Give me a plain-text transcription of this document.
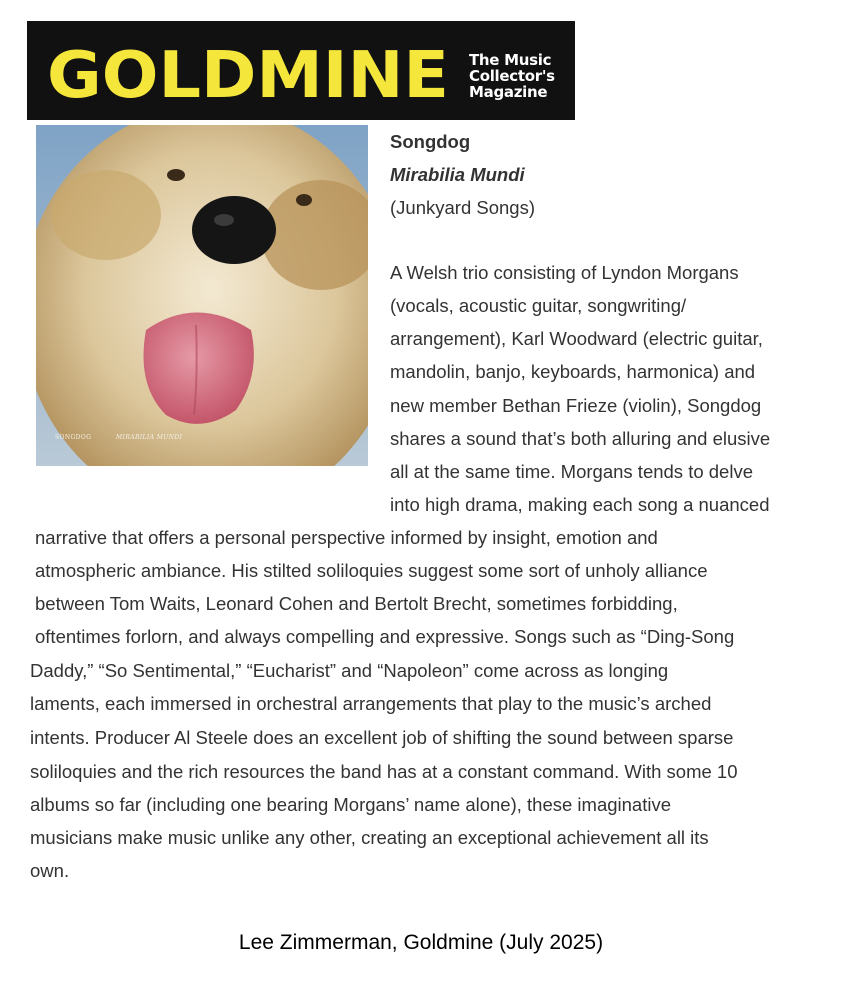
GOLDMINE The Music
Collector's
Magazine
SONGDOG	MIRABILIA MUNDI
Songdog
Mirabilia Mundi
(Junkyard Songs)
A Welsh trio consisting of Lyndon Morgans
(vocals, acoustic guitar, songwriting/
arrangement), Karl Woodward (electric guitar,
mandolin, banjo, keyboards, harmonica) and
new member Bethan Frieze (violin), Songdog
shares a sound that’s both alluring and elusive
all at the same time. Morgans tends to delve
into high drama, making each song a nuanced
narrative that offers a personal perspective informed by insight, emotion and
atmospheric ambiance. His stilted soliloquies suggest some sort of unholy alliance
between Tom Waits, Leonard Cohen and Bertolt Brecht, sometimes forbidding,
oftentimes forlorn, and always compelling and expressive. Songs such as “Ding-Song
Daddy,” “So Sentimental,” “Eucharist” and “Napoleon” come across as longing
laments, each immersed in orchestral arrangements that play to the music’s arched
intents. Producer Al Steele does an excellent job of shifting the sound between sparse
soliloquies and the rich resources the band has at a constant command. With some 10
albums so far (including one bearing Morgans’ name alone), these imaginative
musicians make music unlike any other, creating an exceptional achievement all its
own.
Lee Zimmerman, Goldmine (July 2025)
